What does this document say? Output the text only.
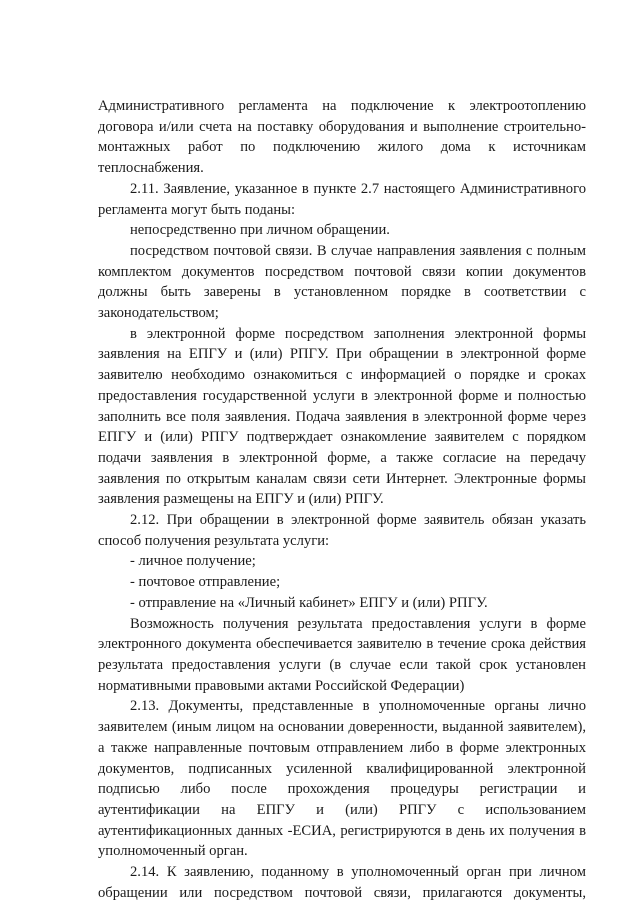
Административного регламента на подключение к электроотоплению договора и/или счета на поставку оборудования и выполнение строительно-монтажных работ по подключению жилого дома к источникам теплоснабжения.

2.11. Заявление, указанное в пункте 2.7 настоящего Административного регламента могут быть поданы:

непосредственно при личном обращении.

посредством почтовой связи. В случае направления заявления с полным комплектом документов посредством почтовой связи копии документов должны быть заверены в установленном порядке в соответствии с законодательством;

в электронной форме посредством заполнения электронной формы заявления на ЕПГУ и (или) РПГУ. При обращении в электронной форме заявителю необходимо ознакомиться с информацией о порядке и сроках предоставления государственной услуги в электронной форме и полностью заполнить все поля заявления. Подача заявления в электронной форме через ЕПГУ и (или) РПГУ подтверждает ознакомление заявителем с порядком подачи заявления в электронной форме, а также согласие на передачу заявления по открытым каналам связи сети Интернет. Электронные формы заявления размещены на ЕПГУ и (или) РПГУ.

2.12. При обращении в электронной форме заявитель обязан указать способ получения результата услуги:

- личное получение;

- почтовое отправление;

- отправление на «Личный кабинет» ЕПГУ и (или) РПГУ.

Возможность получения результата предоставления услуги в форме электронного документа обеспечивается заявителю в течение срока действия результата предоставления услуги (в случае если такой срок установлен нормативными правовыми актами Российской Федерации)

2.13. Документы, представленные в уполномоченные органы лично заявителем (иным лицом на основании доверенности, выданной заявителем), а также направленные почтовым отправлением либо в форме электронных документов, подписанных усиленной квалифицированной электронной подписью либо после прохождения процедуры регистрации и аутентификации на ЕПГУ и (или) РПГУ с использованием аутентификационных данных -ЕСИА, регистрируются в день их получения в уполномоченный орган.

2.14. К заявлению, поданному в уполномоченный орган при личном обращении или посредством почтовой связи, прилагаются документы,
